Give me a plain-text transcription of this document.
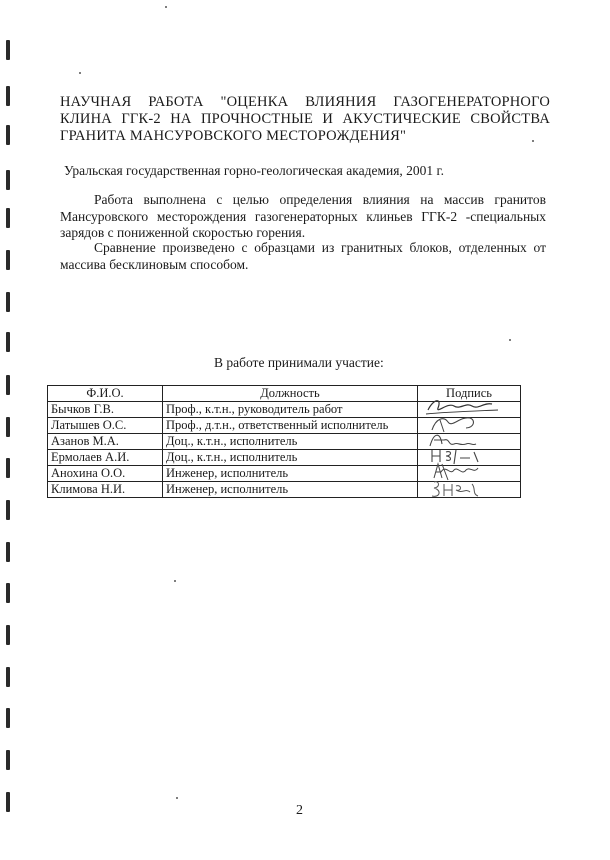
НАУЧНАЯ РАБОТА "ОЦЕНКА ВЛИЯНИЯ ГАЗОГЕНЕРАТОРНОГО КЛИНА ГГК-2 НА ПРОЧНОСТНЫЕ И АКУСТИЧЕСКИЕ СВОЙСТВА ГРАНИТА МАНСУРОВСКОГО МЕСТОРОЖДЕНИЯ"
Уральская государственная горно-геологическая академия, 2001 г.

Работа выполнена с целью определения влияния на массив гранитов Мансуровского месторождения газогенераторных клиньев ГГК-2 -специальных зарядов с пониженной скоростью горения.

Сравнение произведено с образцами из гранитных блоков, отделенных от массива бесклиновым способом.

В работе принимали участие:
Ф.И.О.	Должность	Подпись
Бычков Г.В.	Проф., к.т.н., руководитель работ	

Латышев О.С.	Проф., д.т.н., ответственный исполнитель	

Азанов М.А.	Доц., к.т.н., исполнитель	

Ермолаев А.И.	Доц., к.т.н., исполнитель	

Анохина О.О.	Инженер, исполнитель	

Климова Н.И.	Инженер, исполнитель	
2
